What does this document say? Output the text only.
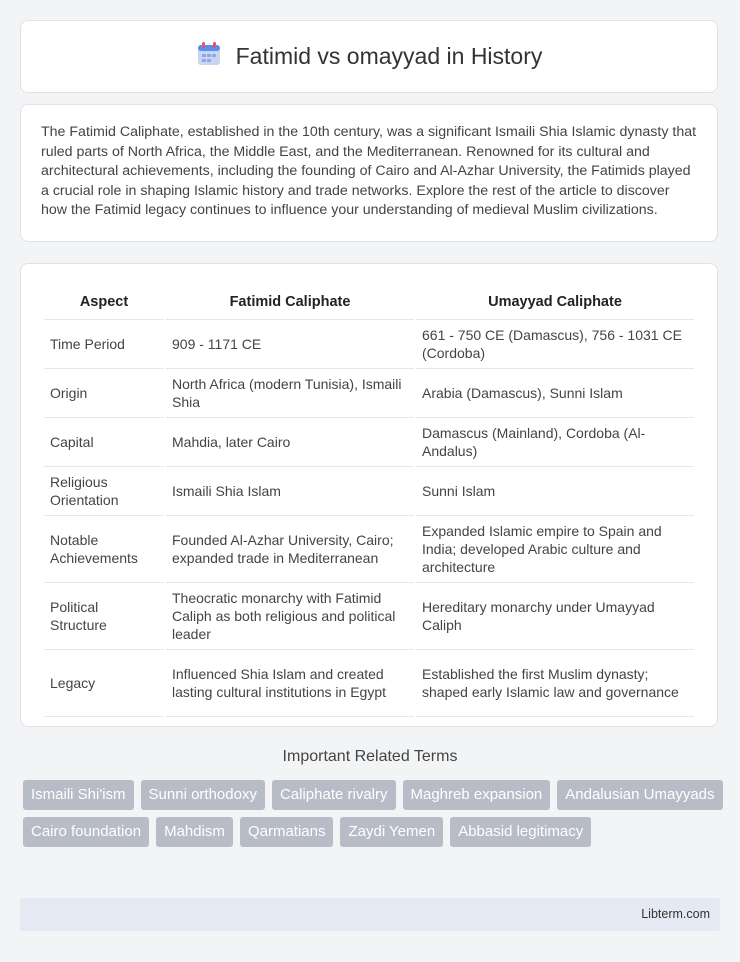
Fatimid vs omayyad in History
The Fatimid Caliphate, established in the 10th century, was a significant Ismaili Shia Islamic dynasty that ruled parts of North Africa, the Middle East, and the Mediterranean. Renowned for its cultural and architectural achievements, including the founding of Cairo and Al-Azhar University, the Fatimids played a crucial role in shaping Islamic history and trade networks. Explore the rest of the article to discover how the Fatimid legacy continues to influence your understanding of medieval Muslim civilizations.
Aspect	Fatimid Caliphate	Umayyad Caliphate
Time Period	909 - 1171 CE	661 - 750 CE (Damascus), 756 - 1031 CE (Cordoba)
Origin	North Africa (modern Tunisia), Ismaili Shia	Arabia (Damascus), Sunni Islam
Capital	Mahdia, later Cairo	Damascus (Mainland), Cordoba (Al-Andalus)
Religious Orientation	Ismaili Shia Islam	Sunni Islam
Notable Achievements	Founded Al-Azhar University, Cairo; expanded trade in Mediterranean	Expanded Islamic empire to Spain and India; developed Arabic culture and architecture
Political Structure	Theocratic monarchy with Fatimid Caliph as both religious and political leader	Hereditary monarchy under Umayyad Caliph
Legacy	Influenced Shia Islam and created lasting cultural institutions in Egypt	Established the first Muslim dynasty; shaped early Islamic law and governance
Important Related Terms
Ismaili Shi'ism	Sunni orthodoxy	Caliphate rivalry	Maghreb expansion	Andalusian Umayyads
Cairo foundation	Mahdism	Qarmatians	Zaydi Yemen	Abbasid legitimacy
Libterm.com
